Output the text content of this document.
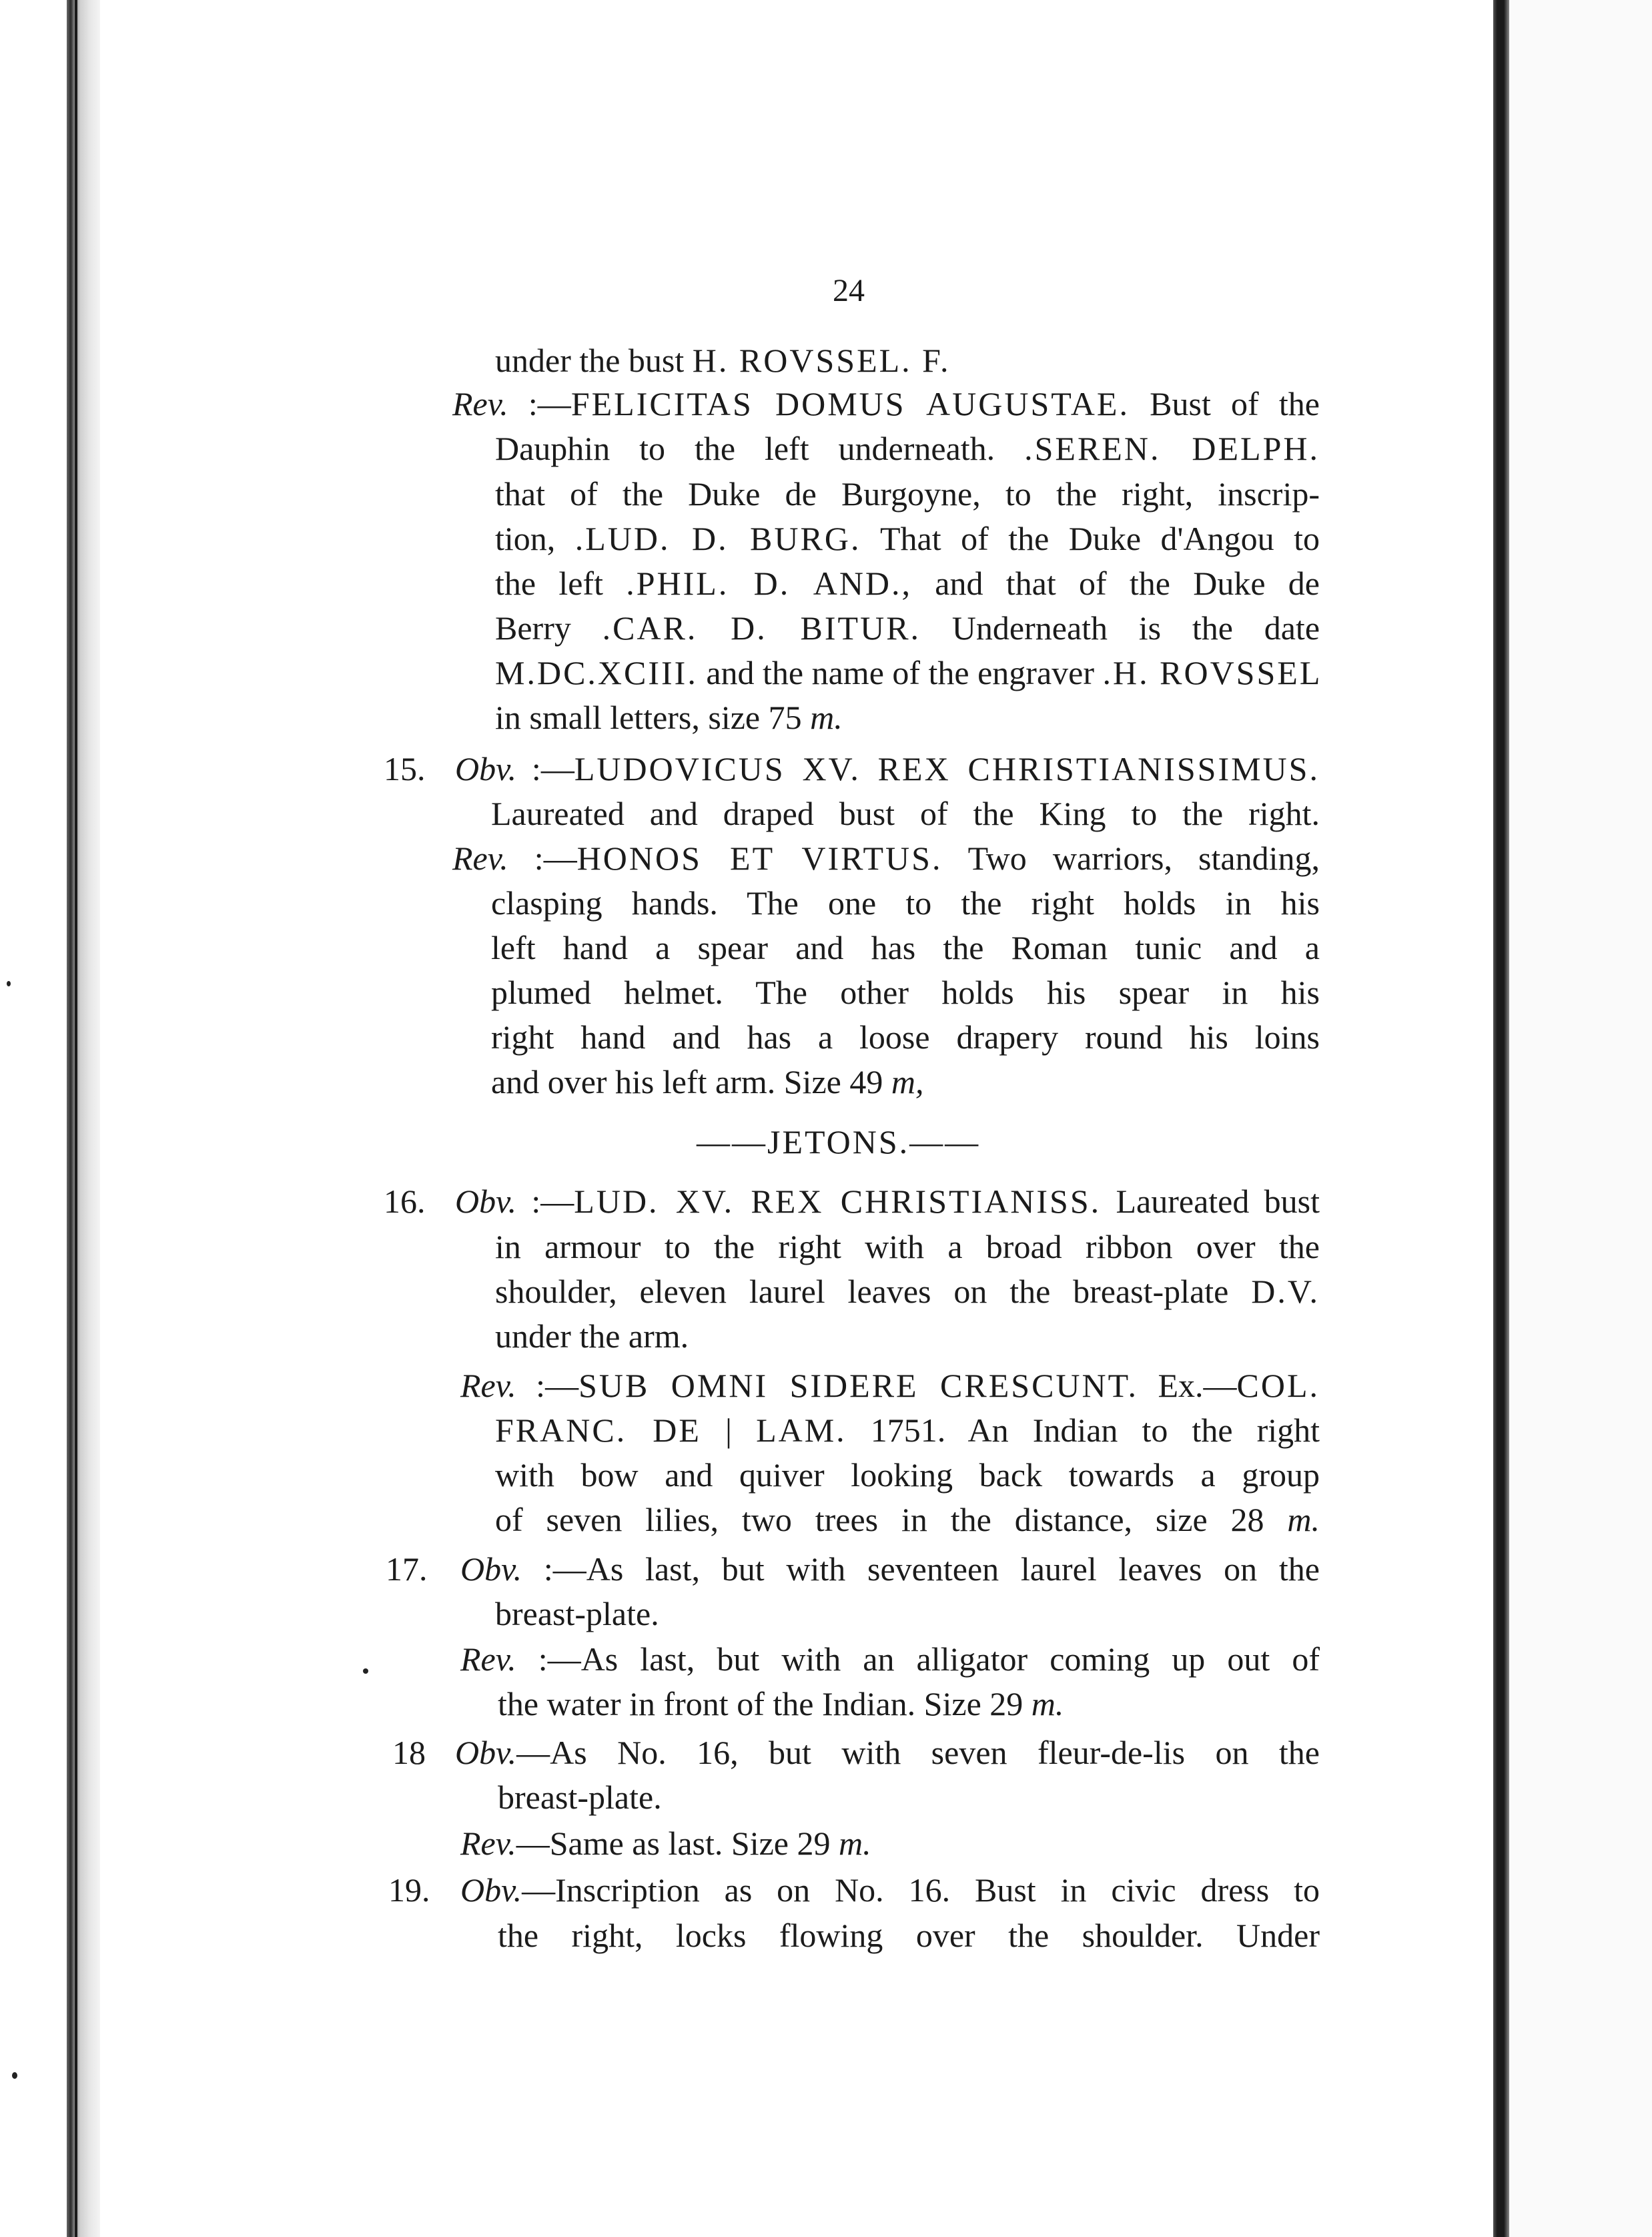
24
under the bust H. ROVSSEL. F.
Rev. :—FELICITAS DOMUS AUGUSTAE. Bust of the
Dauphin to the left underneath. .SEREN. DELPH.
that of the Duke de Burgoyne, to the right, inscrip-
tion, .LUD. D. BURG. That of the Duke d'Angou to
the left .PHIL. D. AND., and that of the Duke de
Berry .CAR. D. BITUR. Underneath is the date
M.DC.XCIII. and the name of the engraver .H. ROVSSEL
in small letters, size 75 m.
15. Obv. :—LUDOVICUS XV. REX CHRISTIANISSIMUS.
Laureated and draped bust of the King to the right.
Rev. :—HONOS ET VIRTUS. Two warriors, standing,
clasping hands. The one to the right holds in his
left hand a spear and has the Roman tunic and a
plumed helmet. The other holds his spear in his
right hand and has a loose drapery round his loins
and over his left arm. Size 49 m,
——JETONS.——
16. Obv. :—LUD. XV. REX CHRISTIANISS. Laureated bust
in armour to the right with a broad ribbon over the
shoulder, eleven laurel leaves on the breast-plate D.V.
under the arm.
Rev. :—SUB OMNI SIDERE CRESCUNT. Ex.—COL.
FRANC. DE | LAM. 1751. An Indian to the right
with bow and quiver looking back towards a group
of seven lilies, two trees in the distance, size 28 m.
17. Obv. :—As last, but with seventeen laurel leaves on the
breast-plate.
Rev. :—As last, but with an alligator coming up out of
the water in front of the Indian. Size 29 m.
18 Obv.—As No. 16, but with seven fleur-de-lis on the
breast-plate.
Rev.—Same as last. Size 29 m.
19. Obv.—Inscription as on No. 16. Bust in civic dress to
the right, locks flowing over the shoulder. Under
